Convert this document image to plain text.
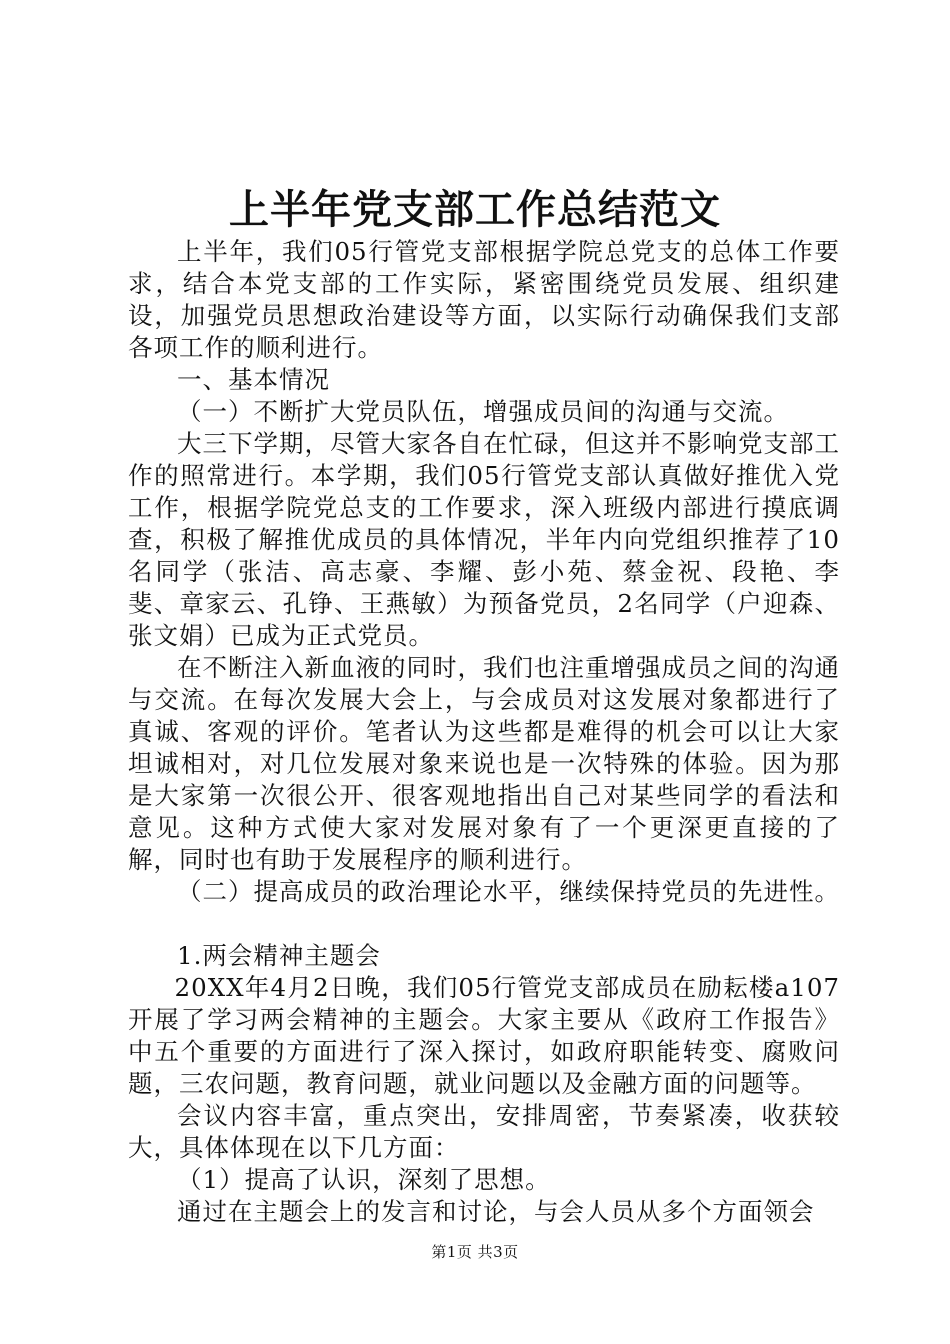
上半年党支部工作总结范文

上半年，我们05行管党支部根据学院总党支的总体工作要求，结合本党支部的工作实际，紧密围绕党员发展、组织建设，加强党员思想政治建设等方面，以实际行动确保我们支部各项工作的顺利进行。

一、基本情况

（一）不断扩大党员队伍，增强成员间的沟通与交流。

大三下学期，尽管大家各自在忙碌，但这并不影响党支部工作的照常进行。本学期，我们05行管党支部认真做好推优入党工作，根据学院党总支的工作要求，深入班级内部进行摸底调查，积极了解推优成员的具体情况，半年内向党组织推荐了10名同学（张洁、高志豪、李耀、彭小苑、蔡金祝、段艳、李斐、章家云、孔铮、王燕敏）为预备党员，2名同学（户迎森、张文娟）已成为正式党员。

在不断注入新血液的同时，我们也注重增强成员之间的沟通与交流。在每次发展大会上，与会成员对这发展对象都进行了真诚、客观的评价。笔者认为这些都是难得的机会可以让大家坦诚相对，对几位发展对象来说也是一次特殊的体验。因为那是大家第一次很公开、很客观地指出自己对某些同学的看法和意见。这种方式使大家对发展对象有了一个更深更直接的了解，同时也有助于发展程序的顺利进行。

（二）提高成员的政治理论水平，继续保持党员的先进性。

1.两会精神主题会

20XX年4月2日晚，我们05行管党支部成员在励耘楼a107开展了学习两会精神的主题会。大家主要从《政府工作报告》中五个重要的方面进行了深入探讨，如政府职能转变、腐败问题，三农问题，教育问题，就业问题以及金融方面的问题等。

会议内容丰富，重点突出，安排周密，节奏紧凑，收获较大，具体体现在以下几方面：

（1）提高了认识，深刻了思想。

通过在主题会上的发言和讨论，与会人员从多个方面领会

第1页 共3页
